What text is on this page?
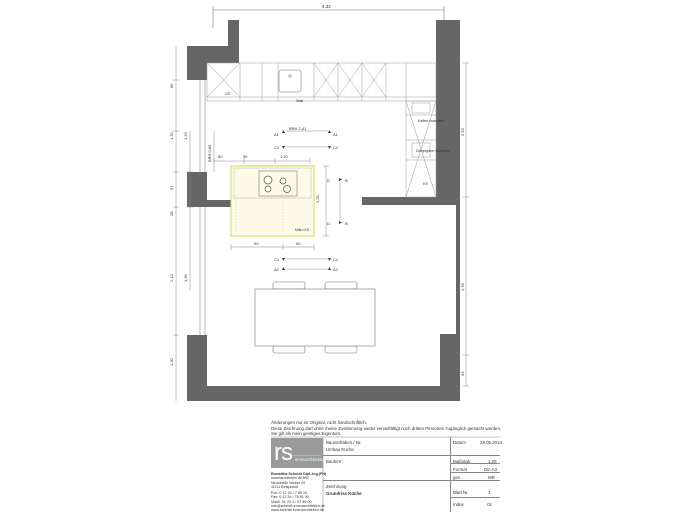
4,32
GS
Wall
Kaffee-maschine
Dampfgarer Backofen
KS
Mikro KS
60	90	1,20
1,20
90	60
A1	A1
C2	C2
C1	C1
A2	A2
B
B
D
D
BRH 2,41
86
1,30 1,20
BRH 0,86
57
28
1,36
2,13
1,30
2,53
2,78
63
Änderungen nur im Original, nicht handschriftlich.
Diese Zeichnung darf ohne meine Zustimmung weder vervielfältigt noch dritten Personen zugänglich gemacht werden.
Sie gilt als mein geistiges Eigentum.
rs innenarchitektur
Roswitha Schmitt Dipl.-Ing.(FH)
Innenarchitektin AKNW
Neustraße Weber 49
11111 Beispielort
Fon: 0 12 34 / 7 89 10
Fax: 0 12 34 / 78 91 50
Mobil: 01 23 4 / 57 89 00
info@schmitt-innenarchitektur.de
www.schmitt-innenarchitektur.de
Bauvorhaben / Nr.
Umbau Küche
Datum	28.05.2014
Bauherr:	Maßstab	1:25
Format	Din A3
gez.	MR
Zeichnung
Grundriss Küche	Blatt Nr.	1
Index	.01
